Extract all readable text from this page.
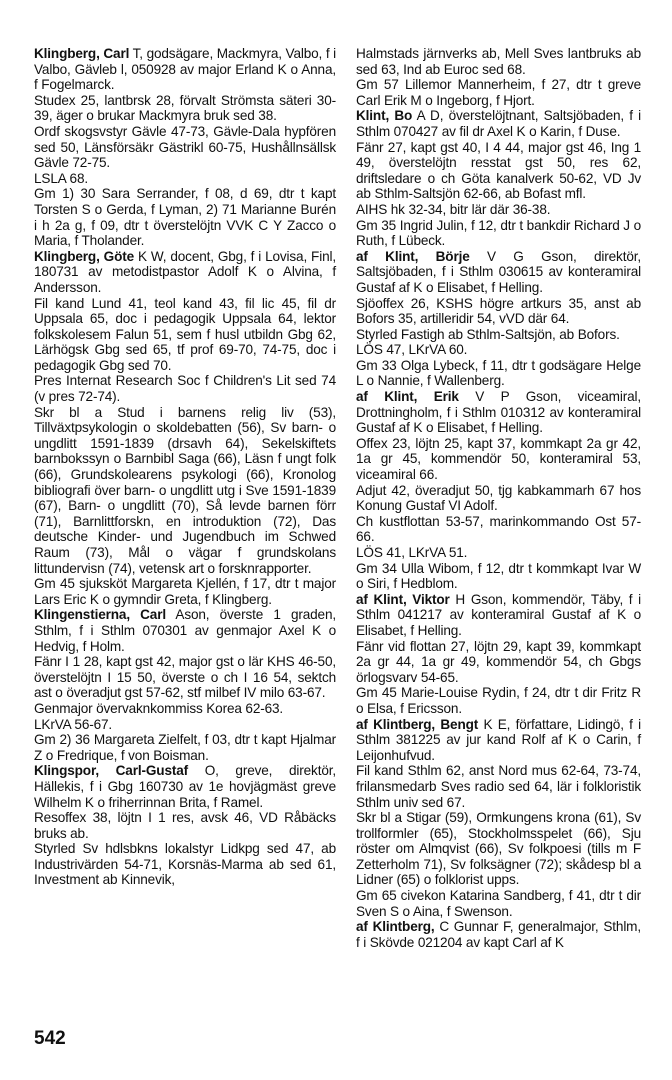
Klingberg, Carl T, godsägare, Mackmyra, Valbo, f i Valbo, Gävleb l, 050928 av major Erland K o Anna, f Fogelmarck.

Studex 25, lantbrsk 28, förvalt Strömsta säteri 30-39, äger o brukar Mackmyra bruk sed 38.

Ordf skogsvstyr Gävle 47-73, Gävle-Dala hypfören sed 50, Länsförsäkr Gästrikl 60-75, Hushållnsällsk Gävle 72-75.

LSLA 68.

Gm 1) 30 Sara Serrander, f 08, d 69, dtr t kapt Torsten S o Gerda, f Lyman, 2) 71 Marianne Burén i h 2a g, f 09, dtr t överstelöjtn VVK C Y Zacco o Maria, f Tholander.

Klingberg, Göte K W, docent, Gbg, f i Lovisa, Finl, 180731 av metodistpastor Adolf K o Alvina, f Andersson.

Fil kand Lund 41, teol kand 43, fil lic 45, fil dr Uppsala 65, doc i pedagogik Uppsala 64, lektor folkskolesem Falun 51, sem f husl utbildn Gbg 62, Lärhögsk Gbg sed 65, tf prof 69-70, 74-75, doc i pedagogik Gbg sed 70.

Pres Internat Research Soc f Children's Lit sed 74 (v pres 72-74).

Skr bl a Stud i barnens relig liv (53), Tillväxtpsykologin o skoldebatten (56), Sv barn- o ungdlitt 1591-1839 (drsavh 64), Sekelskiftets barnbokssyn o Barnbibl Saga (66), Läsn f ungt folk (66), Grundskolearens psykologi (66), Kronolog bibliografi över barn- o ungdlitt utg i Sve 1591-1839 (67), Barn- o ungdlitt (70), Så levde barnen förr (71), Barnlittforskn, en introduktion (72), Das deutsche Kinder- und Jugendbuch im Schwed Raum (73), Mål o vägar f grundskolans littundervisn (74), vetensk art o forsknrapporter.

Gm 45 sjuksköt Margareta Kjellén, f 17, dtr t major Lars Eric K o gymndir Greta, f Klingberg.

Klingenstierna, Carl Ason, överste 1 graden, Sthlm, f i Sthlm 070301 av genmajor Axel K o Hedvig, f Holm.

Fänr I 1 28, kapt gst 42, major gst o lär KHS 46-50, överstelöjtn I 15 50, överste o ch I 16 54, sektch ast o överadjut gst 57-62, stf milbef IV milo 63-67.

Genmajor övervaknkommiss Korea 62-63.

LKrVA 56-67.

Gm 2) 36 Margareta Zielfelt, f 03, dtr t kapt Hjalmar Z o Fredrique, f von Boisman.

Klingspor, Carl-Gustaf O, greve, direktör, Hällekis, f i Gbg 160730 av 1e hovjägmäst greve Wilhelm K o friherrinnan Brita, f Ramel.

Resoffex 38, löjtn I 1 res, avsk 46, VD Råbäcks bruks ab.

Styrled Sv hdlsbkns lokalstyr Lidkpg sed 47, ab Industrivärden 54-71, Korsnäs-Marma ab sed 61, Investment ab Kinnevik,

Halmstads järnverks ab, Mell Sves lantbruks ab sed 63, Ind ab Euroc sed 68.

Gm 57 Lillemor Mannerheim, f 27, dtr t greve Carl Erik M o Ingeborg, f Hjort.

Klint, Bo A D, överstelöjtnant, Saltsjöbaden, f i Sthlm 070427 av fil dr Axel K o Karin, f Duse.

Fänr 27, kapt gst 40, I 4 44, major gst 46, Ing 1 49, överstelöjtn resstat gst 50, res 62, driftsledare o ch Göta kanalverk 50-62, VD Jv ab Sthlm-Saltsjön 62-66, ab Bofast mfl.

AIHS hk 32-34, bitr lär där 36-38.

Gm 35 Ingrid Julin, f 12, dtr t bankdir Richard J o Ruth, f Lübeck.

af Klint, Börje V G Gson, direktör, Saltsjöbaden, f i Sthlm 030615 av konteramiral Gustaf af K o Elisabet, f Helling.

Sjöoffex 26, KSHS högre artkurs 35, anst ab Bofors 35, artilleridir 54, vVD där 64.

Styrled Fastigh ab Sthlm-Saltsjön, ab Bofors.

LÖS 47, LKrVA 60.

Gm 33 Olga Lybeck, f 11, dtr t godsägare Helge L o Nannie, f Wallenberg.

af Klint, Erik V P Gson, viceamiral, Drottningholm, f i Sthlm 010312 av konteramiral Gustaf af K o Elisabet, f Helling.

Offex 23, löjtn 25, kapt 37, kommkapt 2a gr 42, 1a gr 45, kommendör 50, konteramiral 53, viceamiral 66.

Adjut 42, överadjut 50, tjg kabkammarh 67 hos Konung Gustaf VI Adolf.

Ch kustflottan 53-57, marinkommando Ost 57-66.

LÖS 41, LKrVA 51.

Gm 34 Ulla Wibom, f 12, dtr t kommkapt Ivar W o Siri, f Hedblom.

af Klint, Viktor H Gson, kommendör, Täby, f i Sthlm 041217 av konteramiral Gustaf af K o Elisabet, f Helling.

Fänr vid flottan 27, löjtn 29, kapt 39, kommkapt 2a gr 44, 1a gr 49, kommendör 54, ch Gbgs örlogsvarv 54-65.

Gm 45 Marie-Louise Rydin, f 24, dtr t dir Fritz R o Elsa, f Ericsson.

af Klintberg, Bengt K E, författare, Lidingö, f i Sthlm 381225 av jur kand Rolf af K o Carin, f Leijonhufvud.

Fil kand Sthlm 62, anst Nord mus 62-64, 73-74, frilansmedarb Sves radio sed 64, lär i folkloristik Sthlm univ sed 67.

Skr bl a Stigar (59), Ormkungens krona (61), Sv trollformler (65), Stockholmsspelet (66), Sju röster om Almqvist (66), Sv folkpoesi (tills m F Zetterholm 71), Sv folksägner (72); skådesp bl a Lidner (65) o folklorist upps.

Gm 65 civekon Katarina Sandberg, f 41, dtr t dir Sven S o Aina, f Swenson.

af Klintberg, C Gunnar F, generalmajor, Sthlm, f i Skövde 021204 av kapt Carl af K

542
